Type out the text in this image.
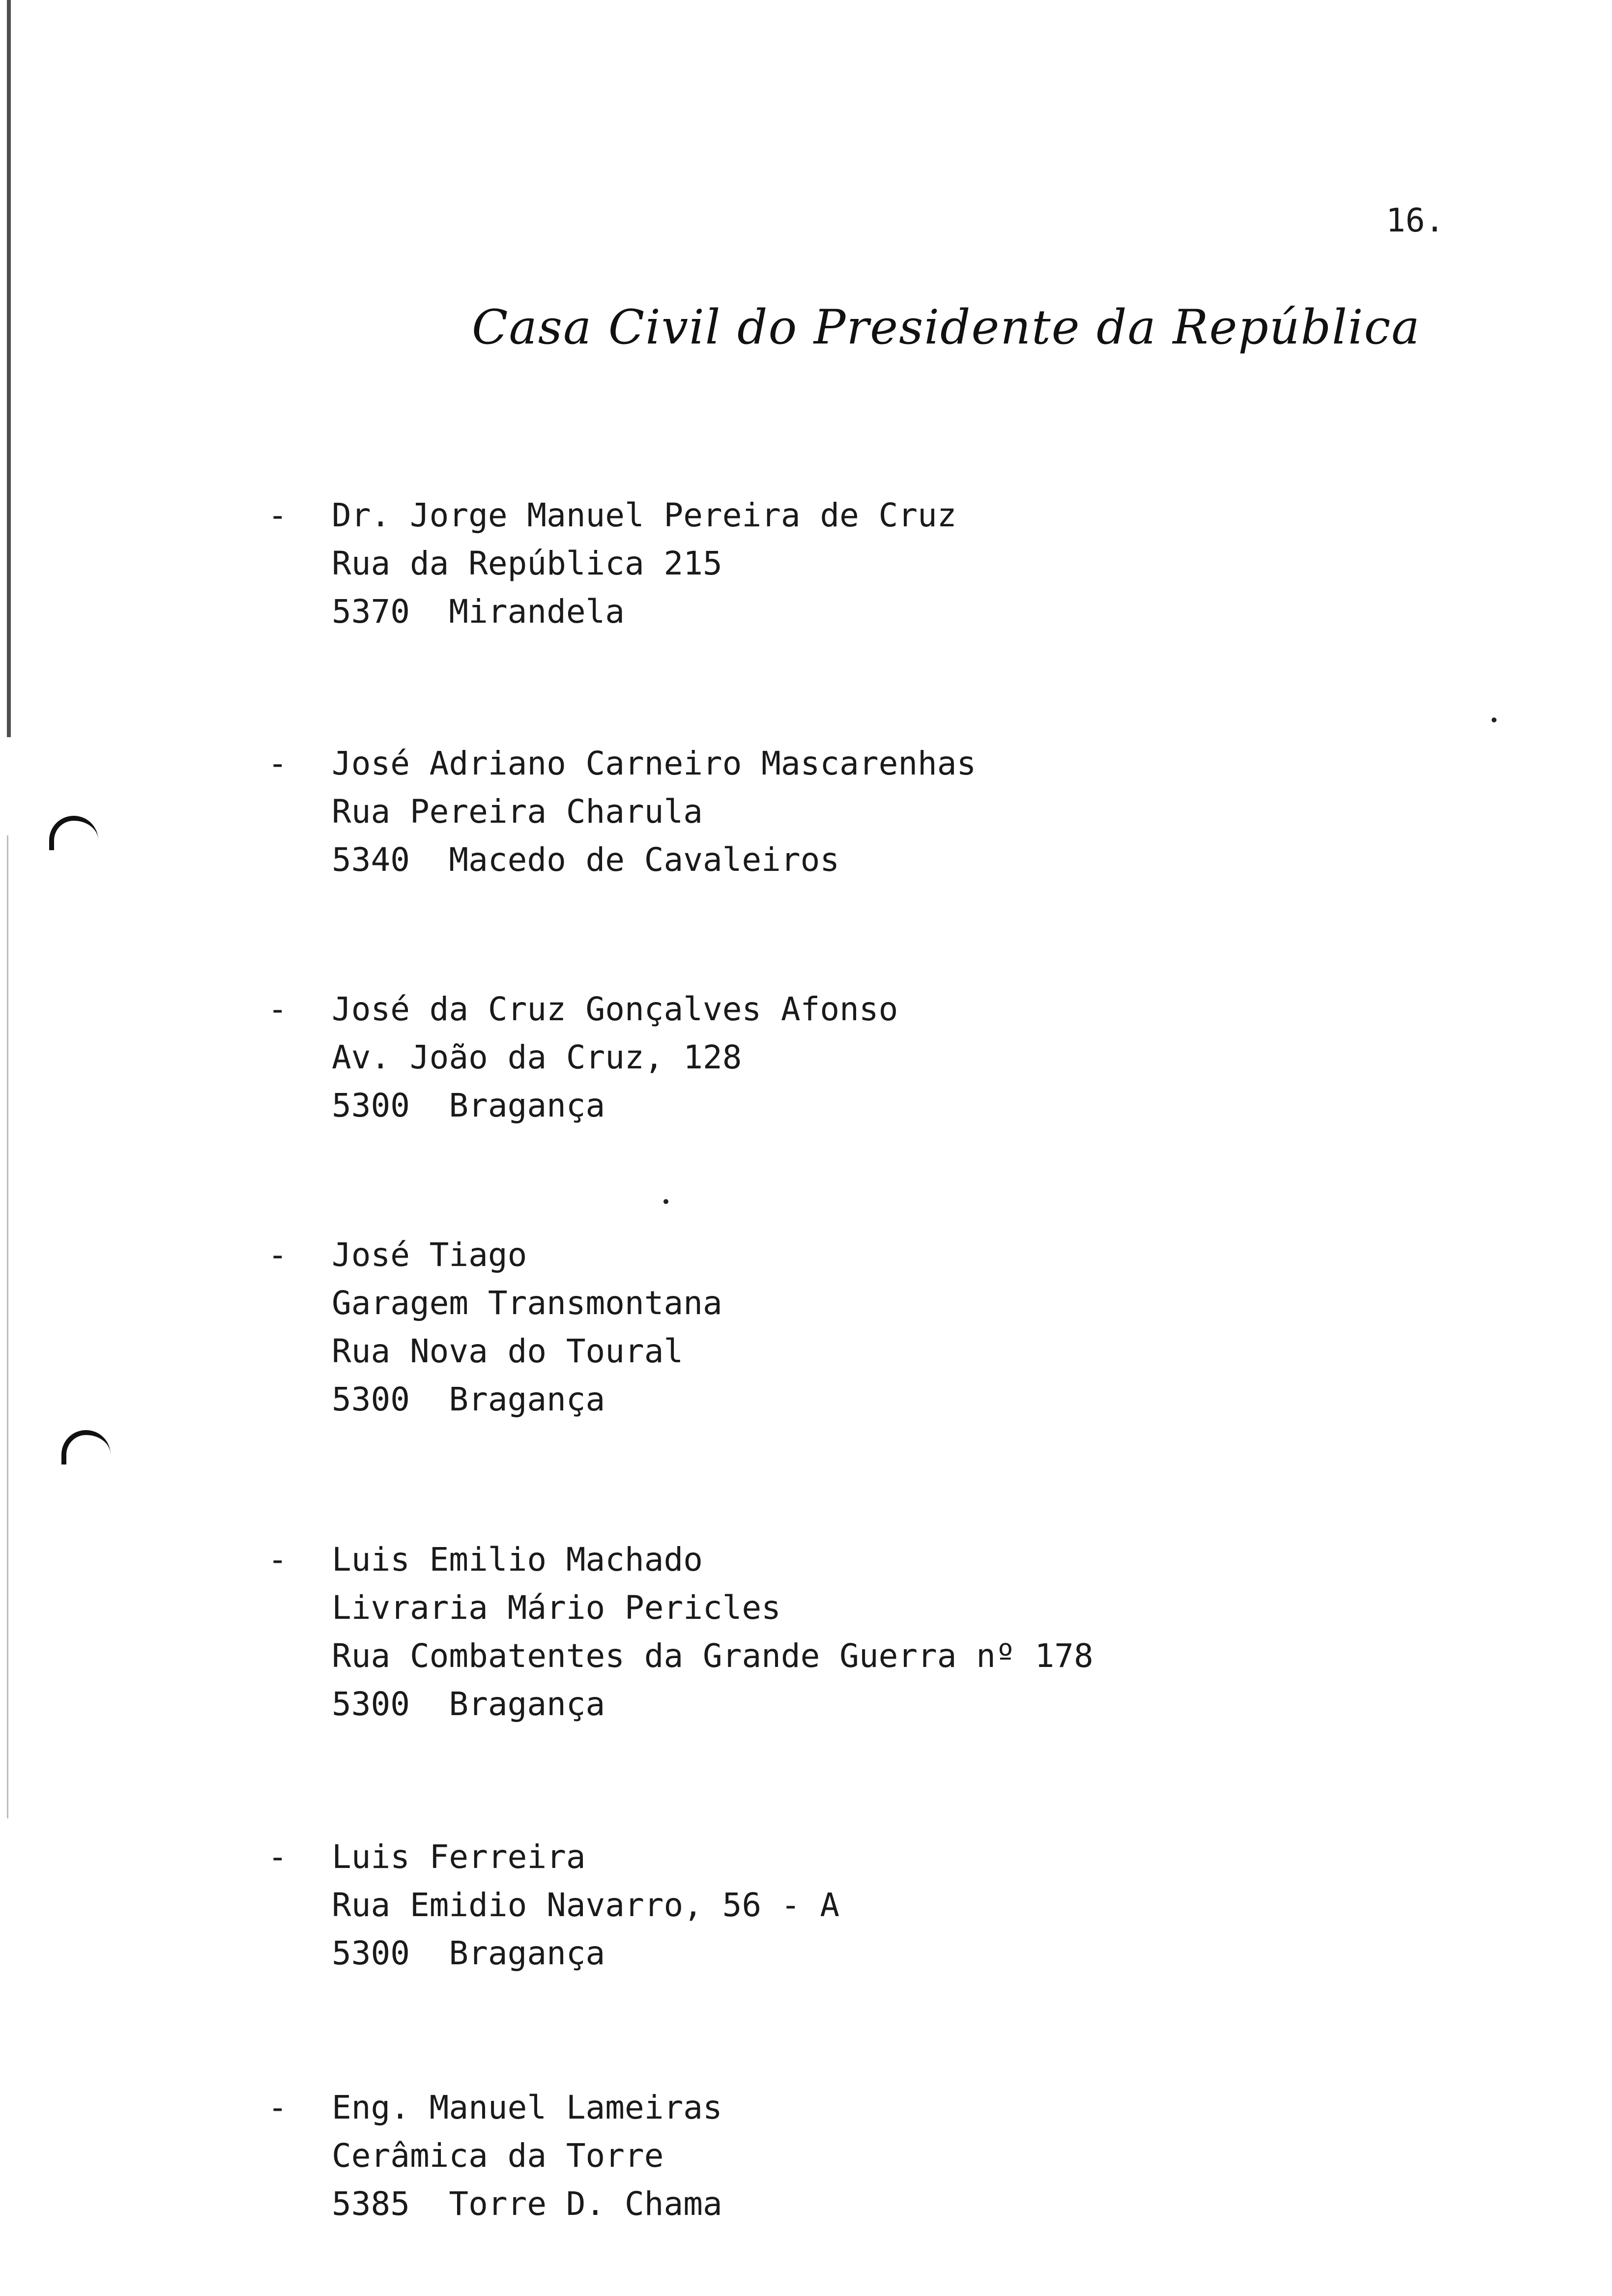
16.
Casa Civil do Presidente da República
- Dr. Jorge Manuel Pereira de Cruz
Rua da República 215
5370  Mirandela
- José Adriano Carneiro Mascarenhas
Rua Pereira Charula
5340  Macedo de Cavaleiros
- José da Cruz Gonçalves Afonso
Av. João da Cruz, 128
5300  Bragança
- José Tiago
Garagem Transmontana
Rua Nova do Toural
5300  Bragança
- Luis Emilio Machado
Livraria Mário Pericles
Rua Combatentes da Grande Guerra nº 178
5300  Bragança
- Luis Ferreira
Rua Emidio Navarro, 56 - A
5300  Bragança
- Eng. Manuel Lameiras
Cerâmica da Torre
5385  Torre D. Chama
